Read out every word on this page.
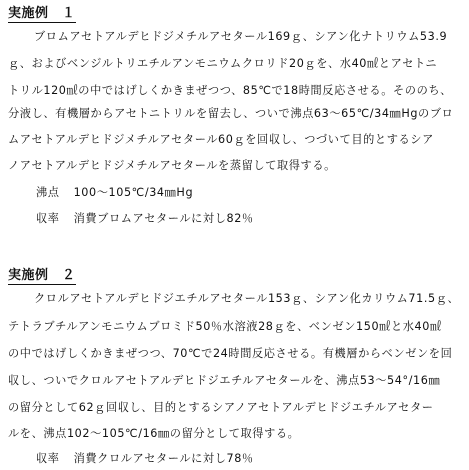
実施例　１
ブロムアセトアルデヒドジメチルアセタール169ｇ、シアン化ナトリウム53.9
ｇ、およびベンジルトリエチルアンモニウムクロリド20ｇを、水40㎖とアセトニ
トリル120㎖の中ではげしくかきまぜつつ、85℃で18時間反応させる。そののち、
分液し、有機層からアセトニトリルを留去し、ついで沸点63～65℃/34㎜Hgのブロ
ムアセトアルデヒドジメチルアセタール60ｇを回収し、つづいて目的とするシア
ノアセトアルデヒドジメチルアセタールを蒸留して取得する。
沸点 100～105℃/34㎜Hg
収率 消費ブロムアセタールに対し82％
実施例　２
クロルアセトアルデヒドジエチルアセタール153ｇ、シアン化カリウム71.5ｇ、
テトラブチルアンモニウムブロミド50％水溶液28ｇを、ベンゼン150㎖と水40㎖
の中ではげしくかきまぜつつ、70℃で24時間反応させる。有機層からベンゼンを回
収し、ついでクロルアセトアルデヒドジエチルアセタールを、沸点53～54°/16㎜
の留分として62ｇ回収し、目的とするシアノアセトアルデヒドジエチルアセター
ルを、沸点102～105℃/16㎜の留分として取得する。
収率 消費クロルアセタールに対し78％
